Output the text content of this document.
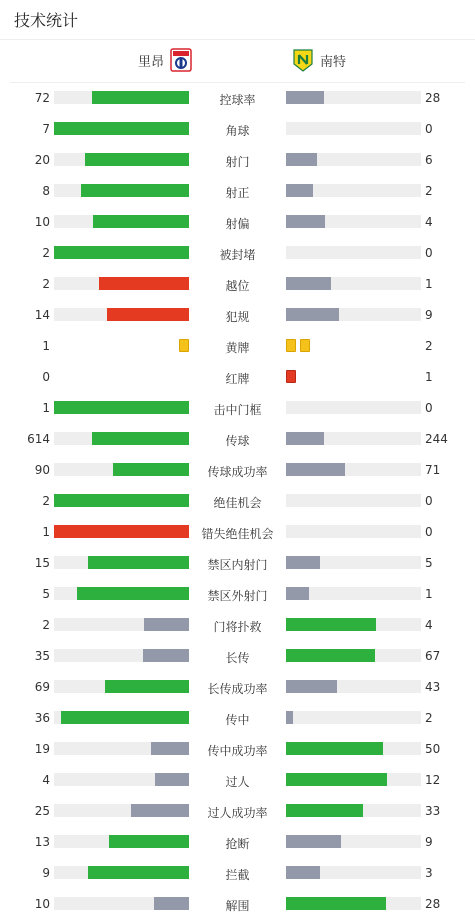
技术统计
里昂	南特
72	控球率	28
7	角球	0
20	射门	6
8	射正	2
10	射偏	4
2	被封堵	0
2	越位	1
14	犯规	9
1	黄牌	2
0	红牌	1
1	击中门框	0
614	传球	244
90	传球成功率	71
2	绝佳机会	0
1	错失绝佳机会	0
15	禁区内射门	5
5	禁区外射门	1
2	门将扑救	4
35	长传	67
69	长传成功率	43
36	传中	2
19	传中成功率	50
4	过人	12
25	过人成功率	33
13	抢断	9
9	拦截	3
10	解围	28
